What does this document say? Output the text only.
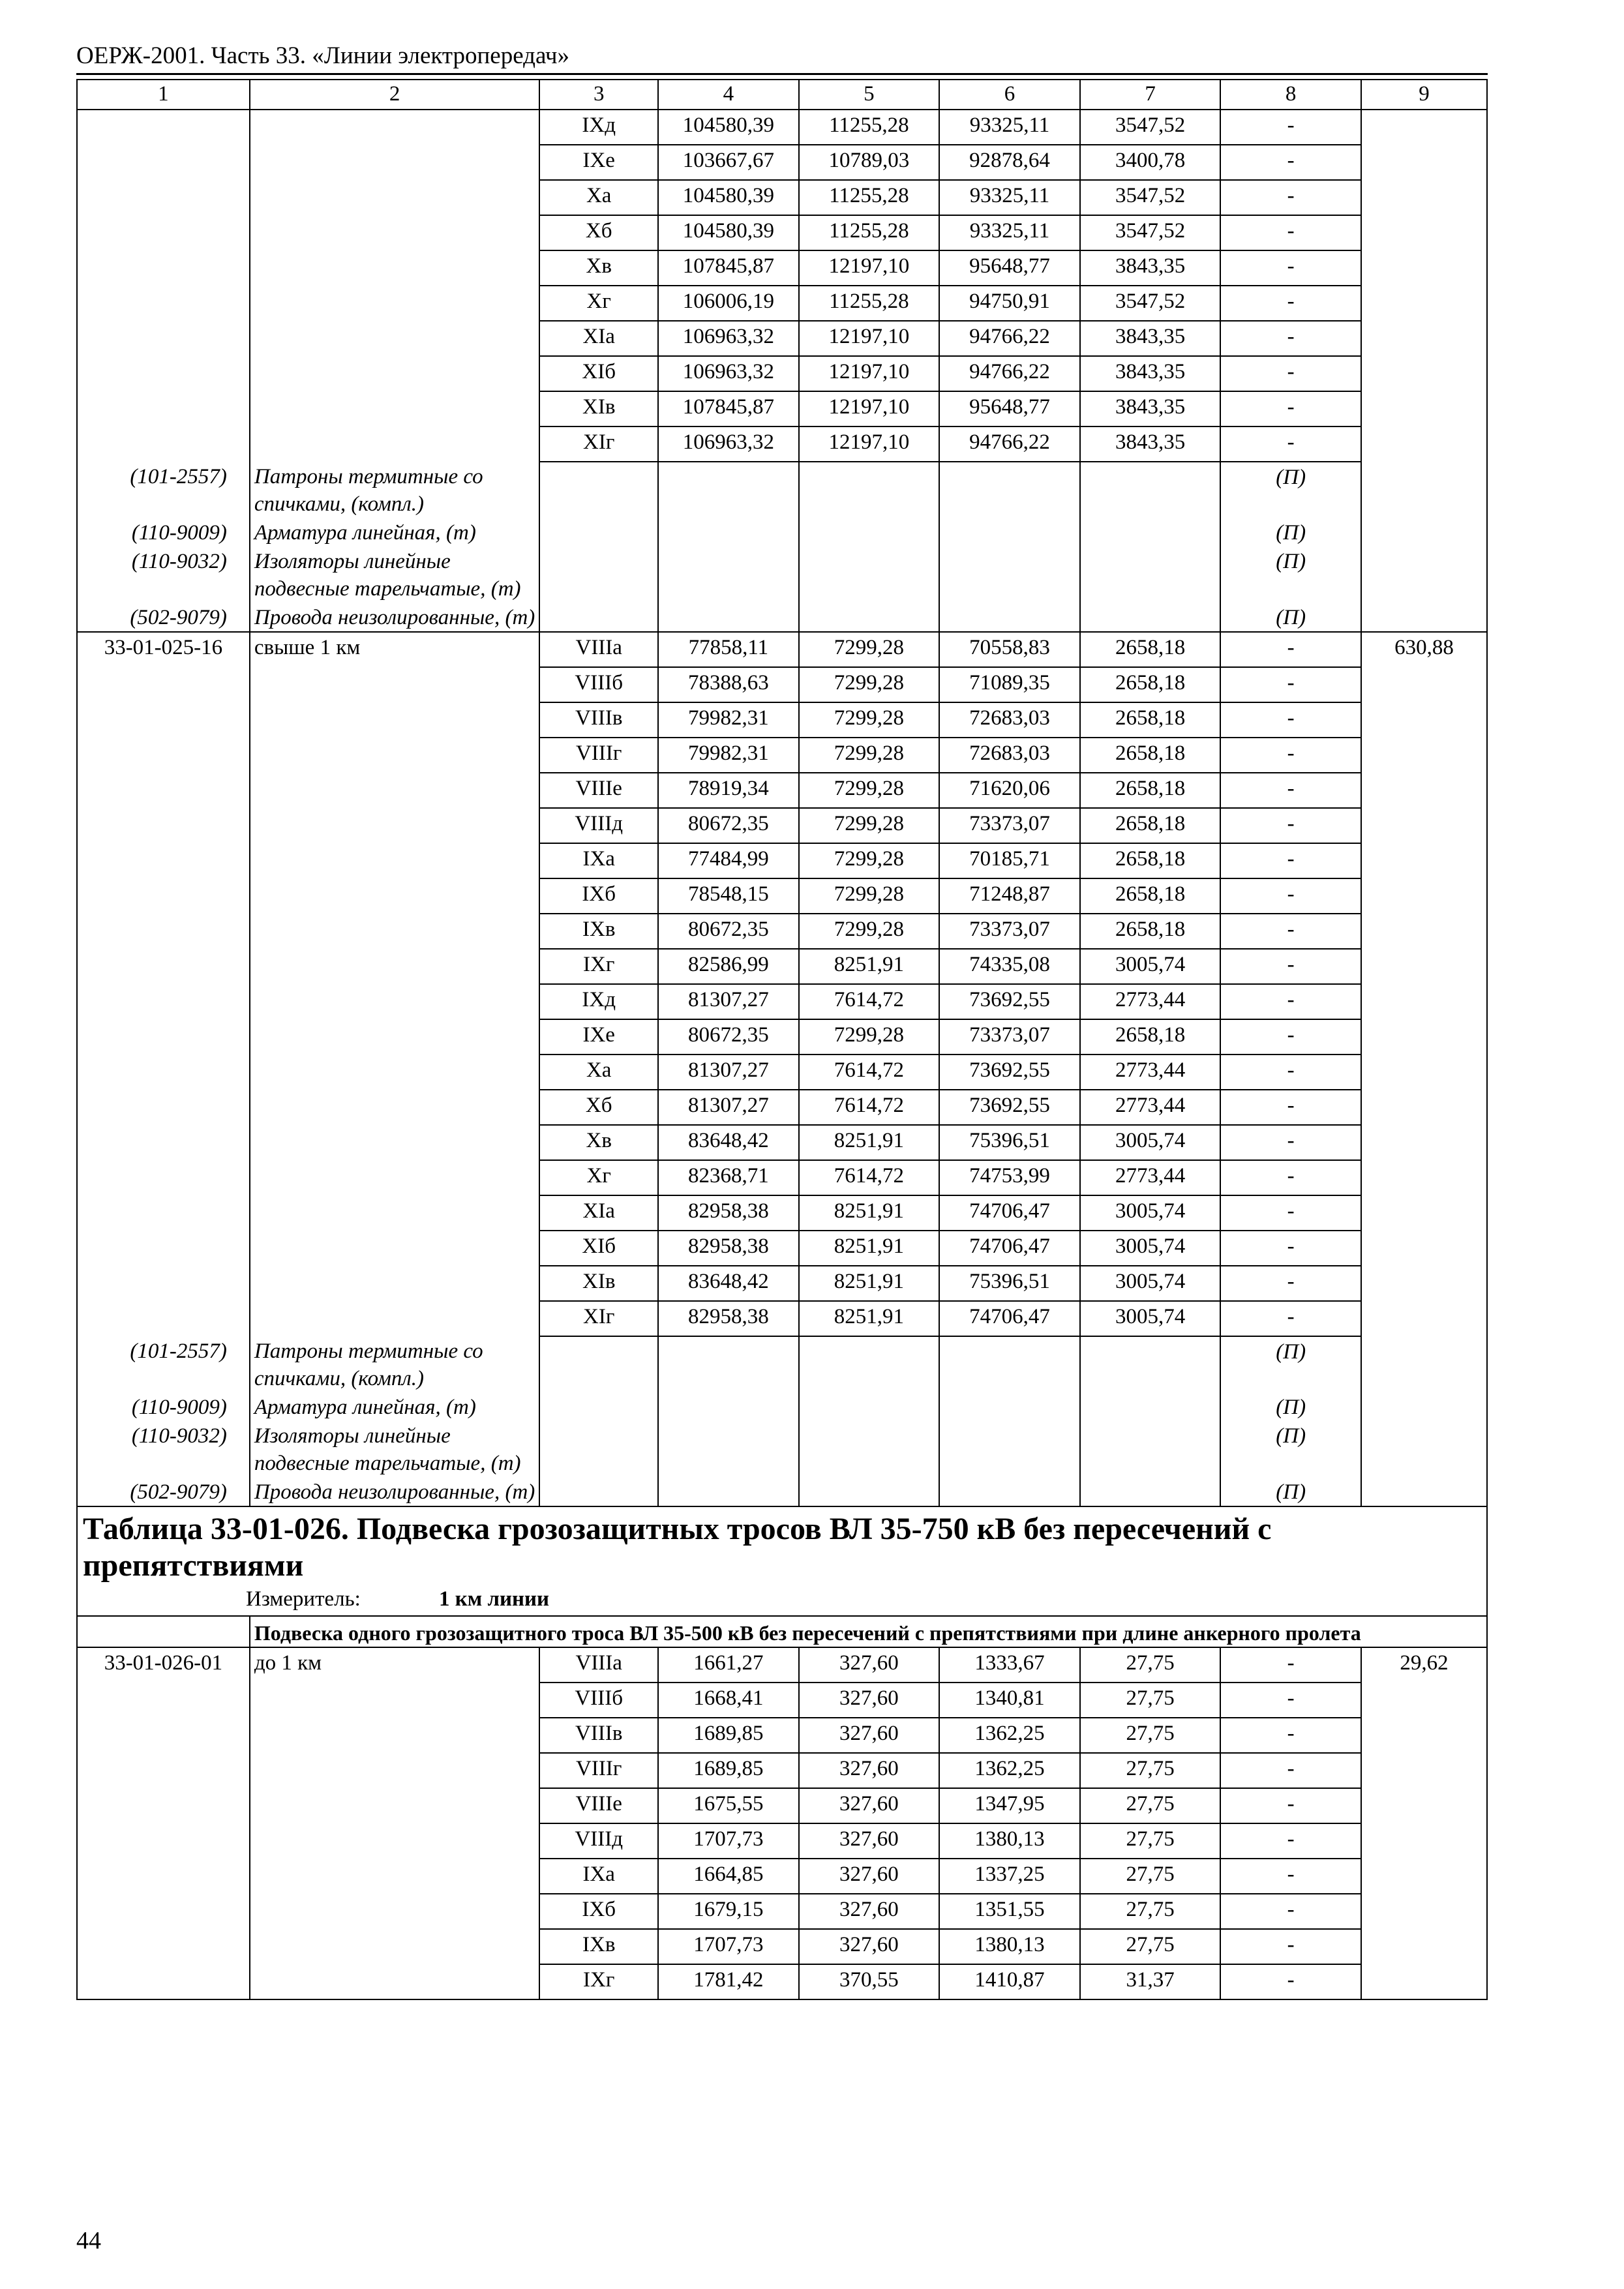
ОЕРЖ-2001. Часть 33. «Линии электропередач»
1	2	3	4	5	6	7	8	9
		IXд	104580,39	11255,28	93325,11	3547,52	-	
		IXе	103667,67	10789,03	92878,64	3400,78	-	
		Xа	104580,39	11255,28	93325,11	3547,52	-	
		Xб	104580,39	11255,28	93325,11	3547,52	-	
		Xв	107845,87	12197,10	95648,77	3843,35	-	
		Xг	106006,19	11255,28	94750,91	3547,52	-	
		XIа	106963,32	12197,10	94766,22	3843,35	-	
		XIб	106963,32	12197,10	94766,22	3843,35	-	
		XIв	107845,87	12197,10	95648,77	3843,35	-	
		XIг	106963,32	12197,10	94766,22	3843,35	-	
(101-2557)	Патроны термитные со спичками, (компл.)						(П)	
(110-9009)	Арматура линейная, (т)						(П)	
(110-9032)	Изоляторы линейные подвесные тарельчатые, (т)						(П)	
(502-9079)	Провода неизолированные, (т)						(П)	
33-01-025-16	свыше 1 км	VIIIа	77858,11	7299,28	70558,83	2658,18	-	630,88
		VIIIб	78388,63	7299,28	71089,35	2658,18	-	
		VIIIв	79982,31	7299,28	72683,03	2658,18	-	
		VIIIг	79982,31	7299,28	72683,03	2658,18	-	
		VIIIе	78919,34	7299,28	71620,06	2658,18	-	
		VIIIд	80672,35	7299,28	73373,07	2658,18	-	
		IXа	77484,99	7299,28	70185,71	2658,18	-	
		IXб	78548,15	7299,28	71248,87	2658,18	-	
		IXв	80672,35	7299,28	73373,07	2658,18	-	
		IXг	82586,99	8251,91	74335,08	3005,74	-	
		IXд	81307,27	7614,72	73692,55	2773,44	-	
		IXе	80672,35	7299,28	73373,07	2658,18	-	
		Xа	81307,27	7614,72	73692,55	2773,44	-	
		Xб	81307,27	7614,72	73692,55	2773,44	-	
		Xв	83648,42	8251,91	75396,51	3005,74	-	
		Xг	82368,71	7614,72	74753,99	2773,44	-	
		XIа	82958,38	8251,91	74706,47	3005,74	-	
		XIб	82958,38	8251,91	74706,47	3005,74	-	
		XIв	83648,42	8251,91	75396,51	3005,74	-	
		XIг	82958,38	8251,91	74706,47	3005,74	-	
(101-2557)	Патроны термитные со спичками, (компл.)						(П)	
(110-9009)	Арматура линейная, (т)						(П)	
(110-9032)	Изоляторы линейные подвесные тарельчатые, (т)						(П)	
(502-9079)	Провода неизолированные, (т)						(П)	
Таблица 33-01-026. Подвеска грозозащитных тросов ВЛ 35-750 кВ без пересечений с препятствиями								
Измеритель: 1 км линии								
	Подвеска одного грозозащитного троса ВЛ 35-500 кВ без пересечений с препятствиями при длине анкерного пролета							
33-01-026-01	до 1 км	VIIIа	1661,27	327,60	1333,67	27,75	-	29,62
		VIIIб	1668,41	327,60	1340,81	27,75	-	
		VIIIв	1689,85	327,60	1362,25	27,75	-	
		VIIIг	1689,85	327,60	1362,25	27,75	-	
		VIIIе	1675,55	327,60	1347,95	27,75	-	
		VIIIд	1707,73	327,60	1380,13	27,75	-	
		IXа	1664,85	327,60	1337,25	27,75	-	
		IXб	1679,15	327,60	1351,55	27,75	-	
		IXв	1707,73	327,60	1380,13	27,75	-	
		IXг	1781,42	370,55	1410,87	31,37	-	
44
